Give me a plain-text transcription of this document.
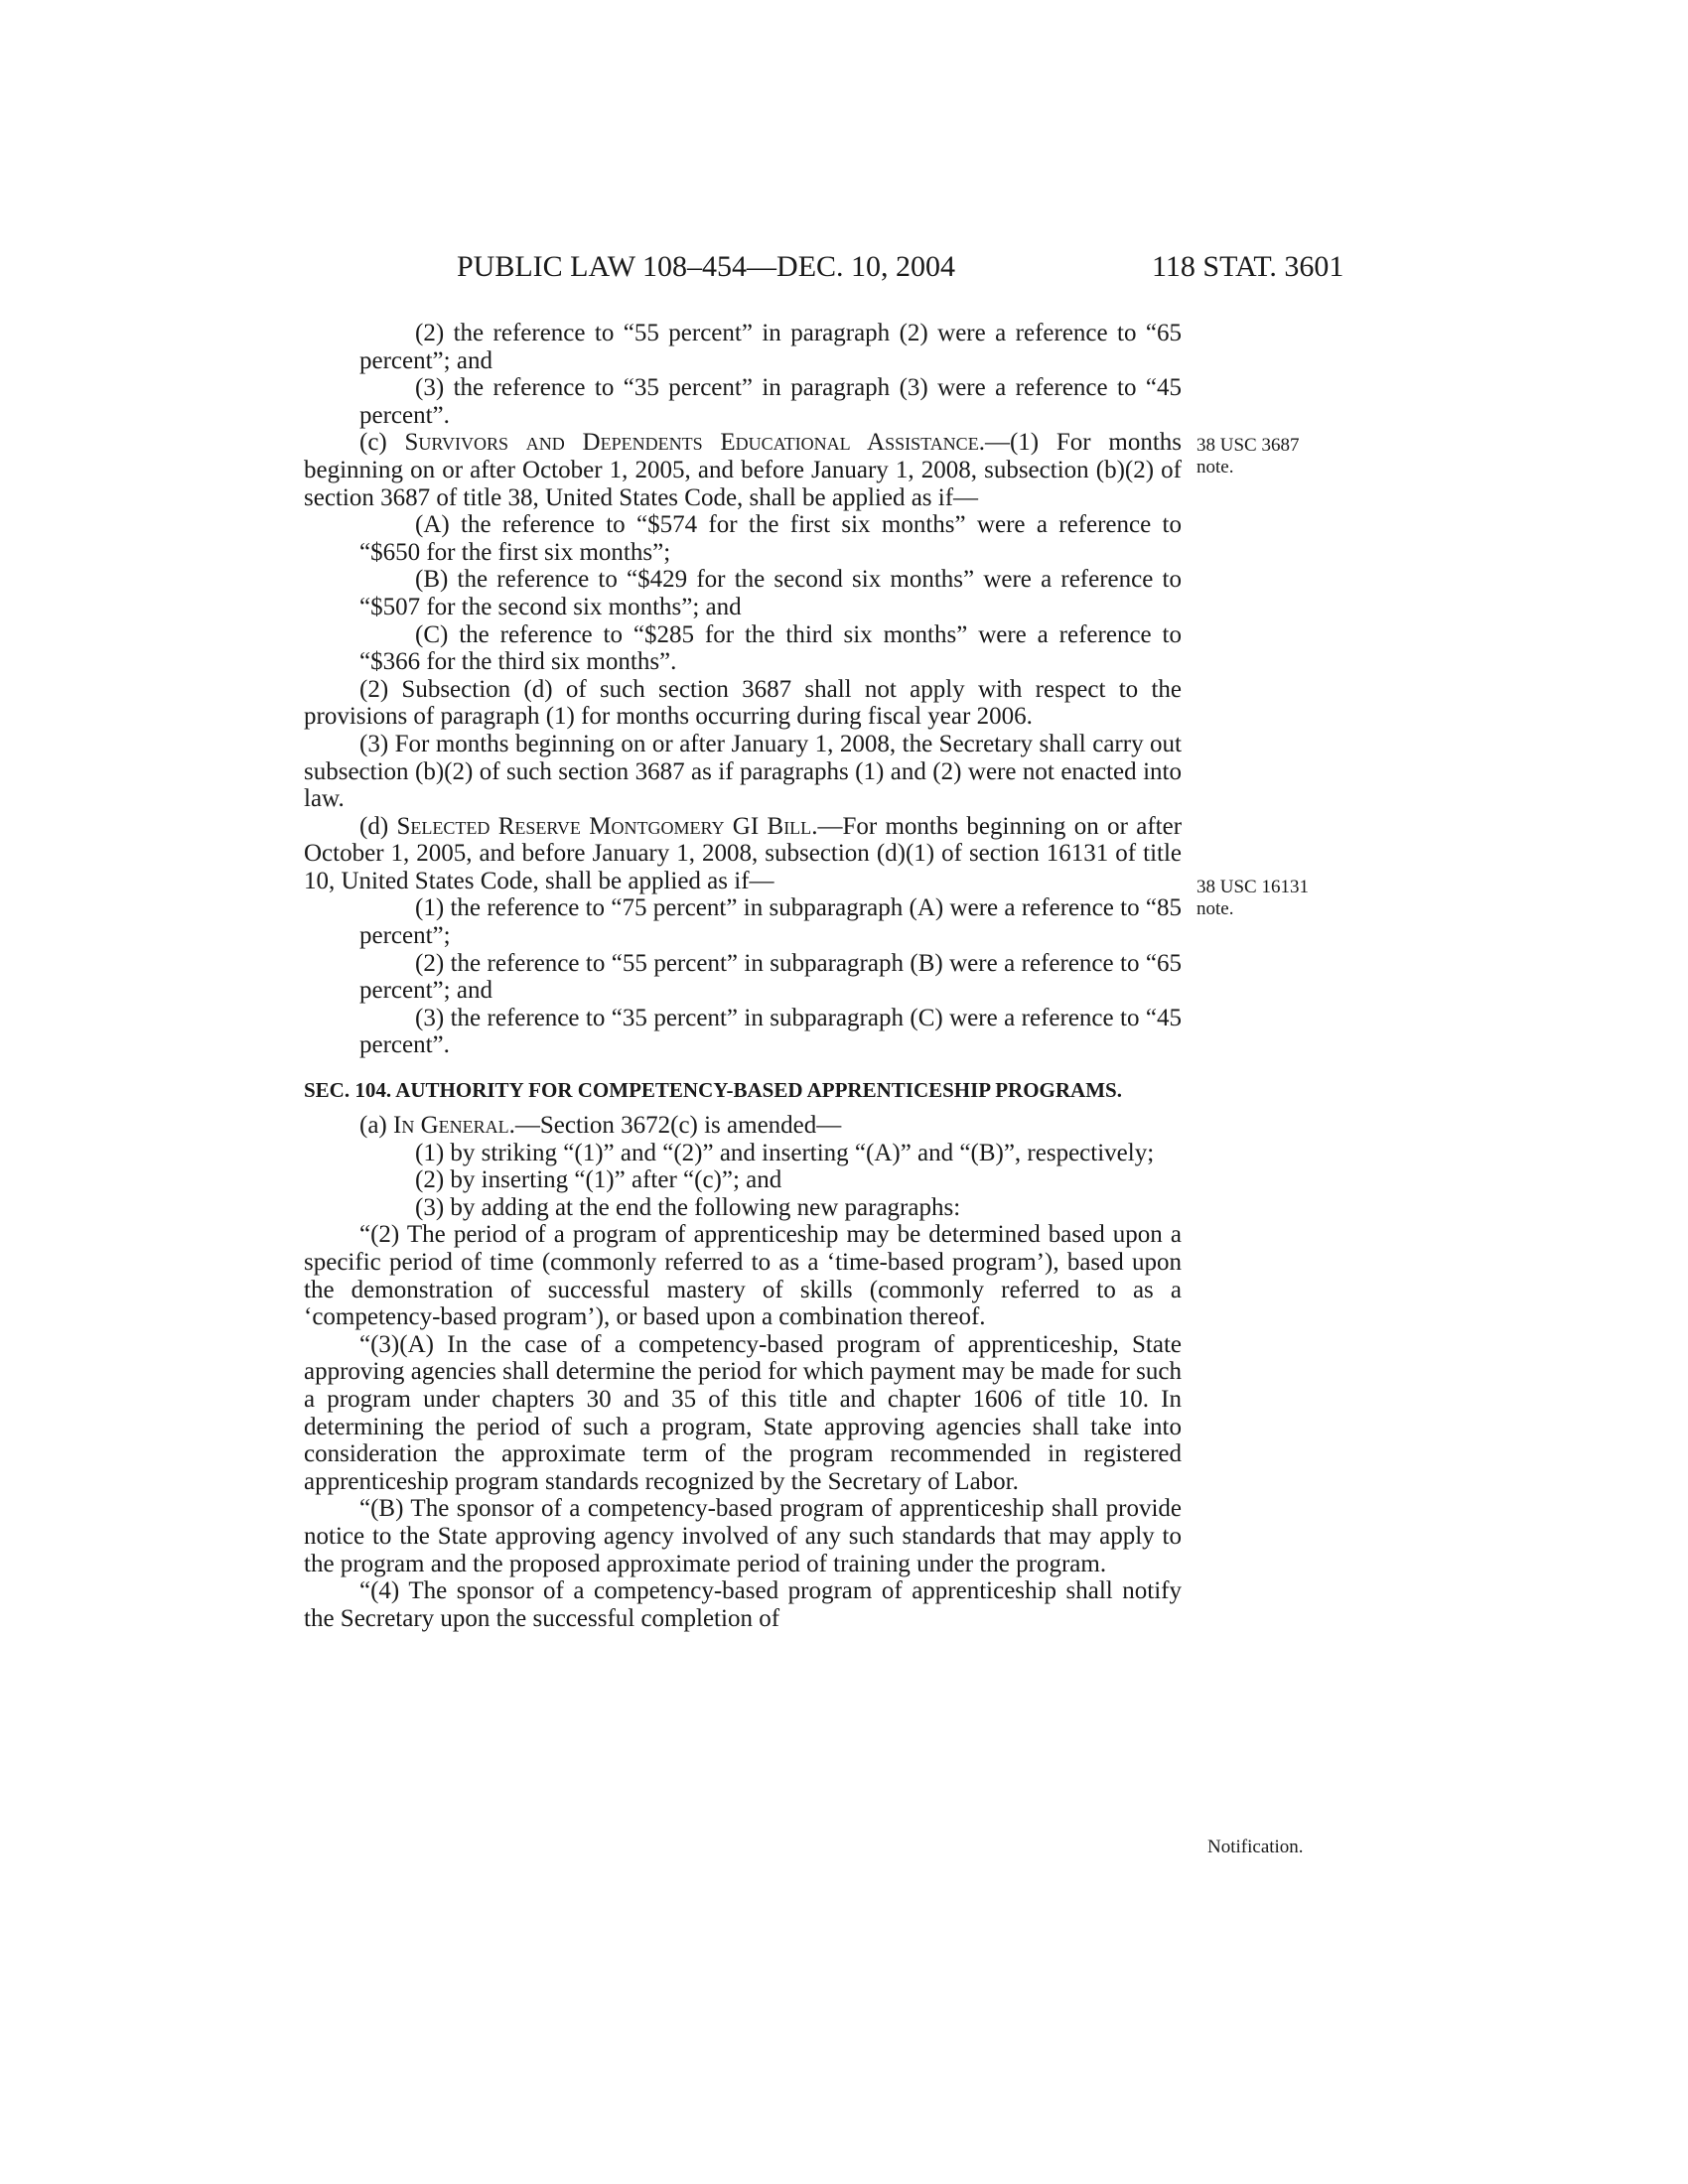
PUBLIC LAW 108–454—DEC. 10, 2004	118 STAT. 3601

(2) the reference to “55 percent” in paragraph (2) were a reference to “65 percent”; and

(3) the reference to “35 percent” in paragraph (3) were a reference to “45 percent”.

(c) Survivors and Dependents Educational Assistance.—(1) For months beginning on or after October 1, 2005, and before January 1, 2008, subsection (b)(2) of section 3687 of title 38, United States Code, shall be applied as if—

(A) the reference to “$574 for the first six months” were a reference to “$650 for the first six months”;

(B) the reference to “$429 for the second six months” were a reference to “$507 for the second six months”; and

(C) the reference to “$285 for the third six months” were a reference to “$366 for the third six months”.

(2) Subsection (d) of such section 3687 shall not apply with respect to the provisions of paragraph (1) for months occurring during fiscal year 2006.

(3) For months beginning on or after January 1, 2008, the Secretary shall carry out subsection (b)(2) of such section 3687 as if paragraphs (1) and (2) were not enacted into law.

(d) Selected Reserve Montgomery GI Bill.—For months beginning on or after October 1, 2005, and before January 1, 2008, subsection (d)(1) of section 16131 of title 10, United States Code, shall be applied as if—

(1) the reference to “75 percent” in subparagraph (A) were a reference to “85 percent”;

(2) the reference to “55 percent” in subparagraph (B) were a reference to “65 percent”; and

(3) the reference to “35 percent” in subparagraph (C) were a reference to “45 percent”.

SEC. 104. AUTHORITY FOR COMPETENCY-BASED APPRENTICESHIP PROGRAMS.

(a) In General.—Section 3672(c) is amended—

(1) by striking “(1)” and “(2)” and inserting “(A)” and “(B)”, respectively;

(2) by inserting “(1)” after “(c)”; and

(3) by adding at the end the following new paragraphs:

“(2) The period of a program of apprenticeship may be determined based upon a specific period of time (commonly referred to as a ‘time-based program’), based upon the demonstration of successful mastery of skills (commonly referred to as a ‘competency-based program’), or based upon a combination thereof.

“(3)(A) In the case of a competency-based program of apprenticeship, State approving agencies shall determine the period for which payment may be made for such a program under chapters 30 and 35 of this title and chapter 1606 of title 10. In determining the period of such a program, State approving agencies shall take into consideration the approximate term of the program recommended in registered apprenticeship program standards recognized by the Secretary of Labor.

“(B) The sponsor of a competency-based program of apprenticeship shall provide notice to the State approving agency involved of any such standards that may apply to the program and the proposed approximate period of training under the program.

“(4) The sponsor of a competency-based program of apprenticeship shall notify the Secretary upon the successful completion of

38 USC 3687
note.
38 USC 16131
note.
Notification.
